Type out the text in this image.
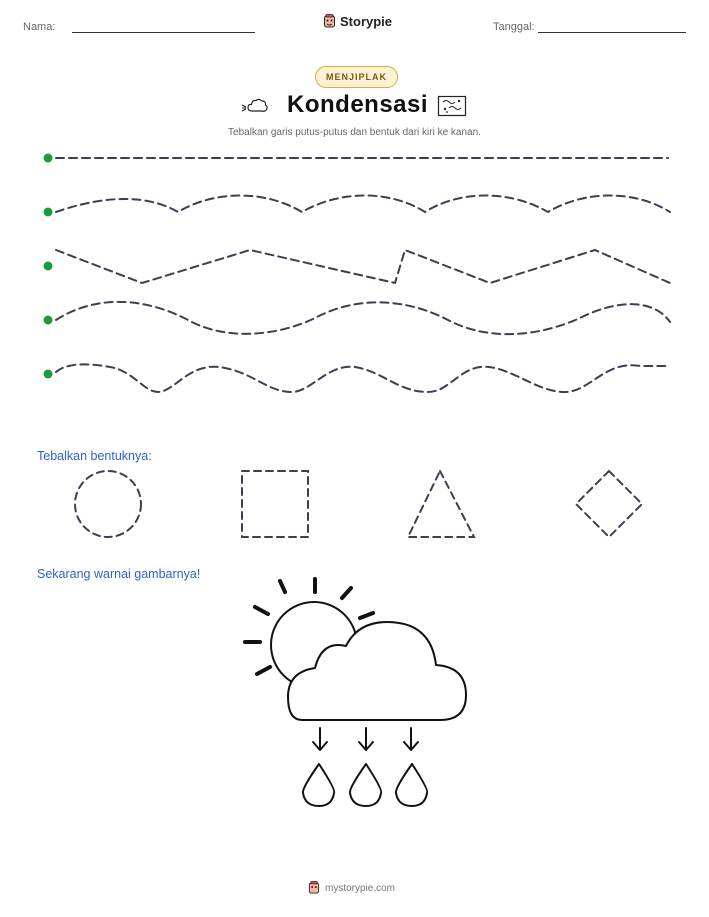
Nama:	Storypie	Tanggal:
MENJIPLAK
Kondensasi
Tebalkan garis putus-putus dan bentuk dari kiri ke kanan.
Tebalkan bentuknya:
Sekarang warnai gambarnya!
mystorypie.com
